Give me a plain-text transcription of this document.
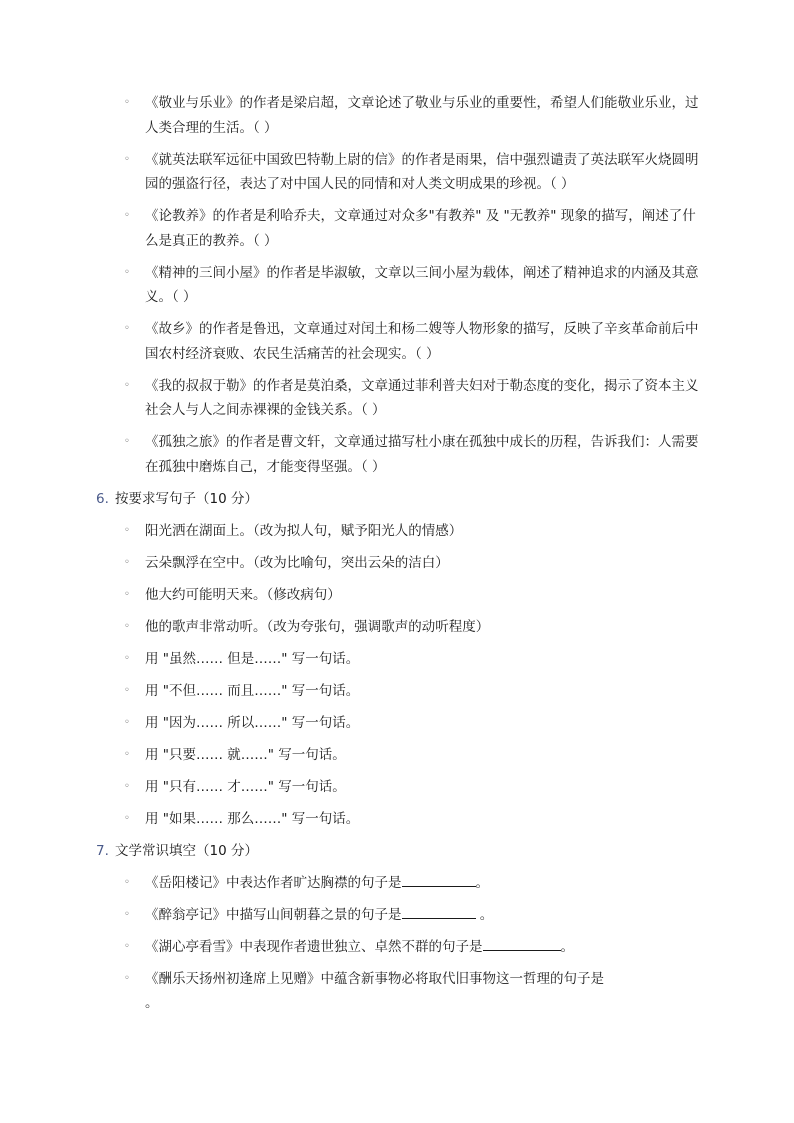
◦	《敬业与乐业》的作者是梁启超，文章论述了敬业与乐业的重要性，希望人们能敬业乐业，过人类合理的生活。（ ）
◦	《就英法联军远征中国致巴特勒上尉的信》的作者是雨果，信中强烈谴责了英法联军火烧圆明园的强盗行径，表达了对中国人民的同情和对人类文明成果的珍视。（ ）
◦	《论教养》的作者是利哈乔夫，文章通过对众多"有教养" 及 "无教养" 现象的描写，阐述了什么是真正的教养。（ ）
◦	《精神的三间小屋》的作者是毕淑敏，文章以三间小屋为载体，阐述了精神追求的内涵及其意义。（ ）
◦	《故乡》的作者是鲁迅，文章通过对闰土和杨二嫂等人物形象的描写，反映了辛亥革命前后中国农村经济衰败、农民生活痛苦的社会现实。（ ）
◦	《我的叔叔于勒》的作者是莫泊桑，文章通过菲利普夫妇对于勒态度的变化，揭示了资本主义社会人与人之间赤裸裸的金钱关系。（ ）
◦	《孤独之旅》的作者是曹文轩，文章通过描写杜小康在孤独中成长的历程，告诉我们：人需要在孤独中磨炼自己，才能变得坚强。（ ）
6. 按要求写句子（10 分）
◦	阳光洒在湖面上。（改为拟人句，赋予阳光人的情感）
◦	云朵飘浮在空中。（改为比喻句，突出云朵的洁白）
◦	他大约可能明天来。（修改病句）
◦	他的歌声非常动听。（改为夸张句，强调歌声的动听程度）
◦	用 "虽然…… 但是……" 写一句话。
◦	用 "不但…… 而且……" 写一句话。
◦	用 "因为…… 所以……" 写一句话。
◦	用 "只要…… 就……" 写一句话。
◦	用 "只有…… 才……" 写一句话。
◦	用 "如果…… 那么……" 写一句话。
7. 文学常识填空（10 分）
◦	《岳阳楼记》中表达作者旷达胸襟的句子是	。
◦	《醉翁亭记》中描写山间朝暮之景的句子是	。
◦	《湖心亭看雪》中表现作者遗世独立、卓然不群的句子是	。
◦	《酬乐天扬州初逢席上见赠》中蕴含新事物必将取代旧事物这一哲理的句子是
。
